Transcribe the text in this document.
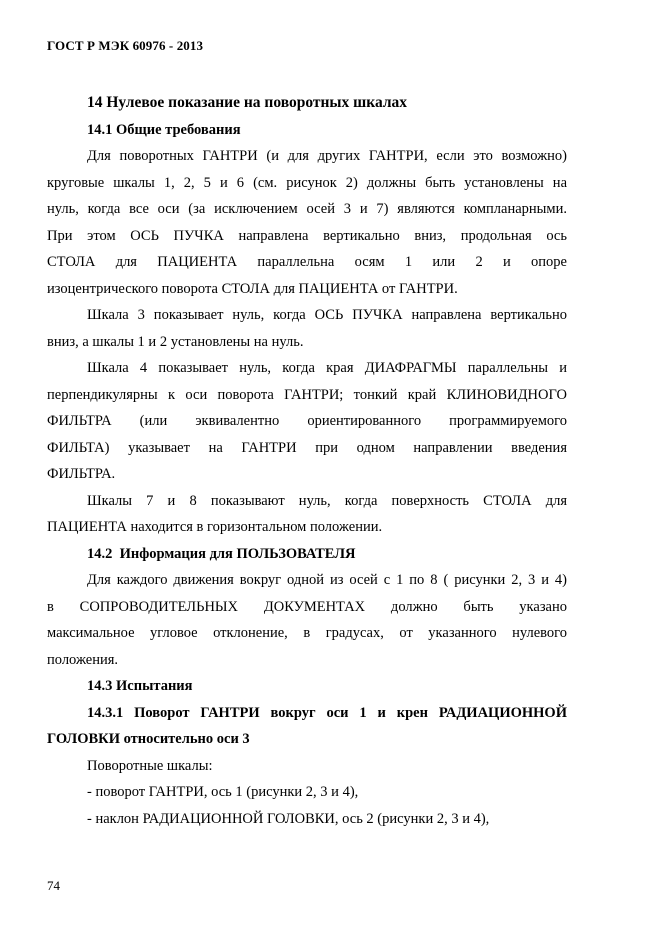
ГОСТ Р МЭК 60976 - 2013
14 Нулевое показание на поворотных шкалах
14.1 Общие требования
Для поворотных ГАНТРИ (и для других ГАНТРИ, если это возможно)
круговые шкалы 1, 2, 5 и 6 (см. рисунок 2) должны быть установлены на
нуль, когда все оси (за исключением осей 3 и 7) являются компланарными.
При этом ОСЬ ПУЧКА направлена вертикально вниз, продольная ось
СТОЛА для ПАЦИЕНТА параллельна осям 1 или 2 и опоре
изоцентрического поворота СТОЛА для ПАЦИЕНТА от ГАНТРИ.
Шкала 3 показывает нуль, когда ОСЬ ПУЧКА направлена вертикально
вниз, а шкалы 1 и 2 установлены на нуль.
Шкала 4 показывает нуль, когда края ДИАФРАГМЫ параллельны и
перпендикулярны к оси поворота ГАНТРИ; тонкий край КЛИНОВИДНОГО
ФИЛЬТРА (или эквивалентно ориентированного программируемого
ФИЛЬТА) указывает на ГАНТРИ при одном направлении введения
ФИЛЬТРА.
Шкалы 7 и 8 показывают нуль, когда поверхность СТОЛА для
ПАЦИЕНТА находится в горизонтальном положении.
14.2  Информация для ПОЛЬЗОВАТЕЛЯ
Для каждого движения вокруг одной из осей с 1 по 8 ( рисунки 2, 3 и 4)
в СОПРОВОДИТЕЛЬНЫХ ДОКУМЕНТАХ должно быть указано
максимальное угловое отклонение, в градусах, от указанного нулевого
положения.
14.3 Испытания
14.3.1 Поворот ГАНТРИ вокруг оси 1 и крен РАДИАЦИОННОЙ
ГОЛОВКИ относительно оси 3
Поворотные шкалы:
- поворот ГАНТРИ, ось 1 (рисунки 2, 3 и 4),
- наклон РАДИАЦИОННОЙ ГОЛОВКИ, ось 2 (рисунки 2, 3 и 4),
74
